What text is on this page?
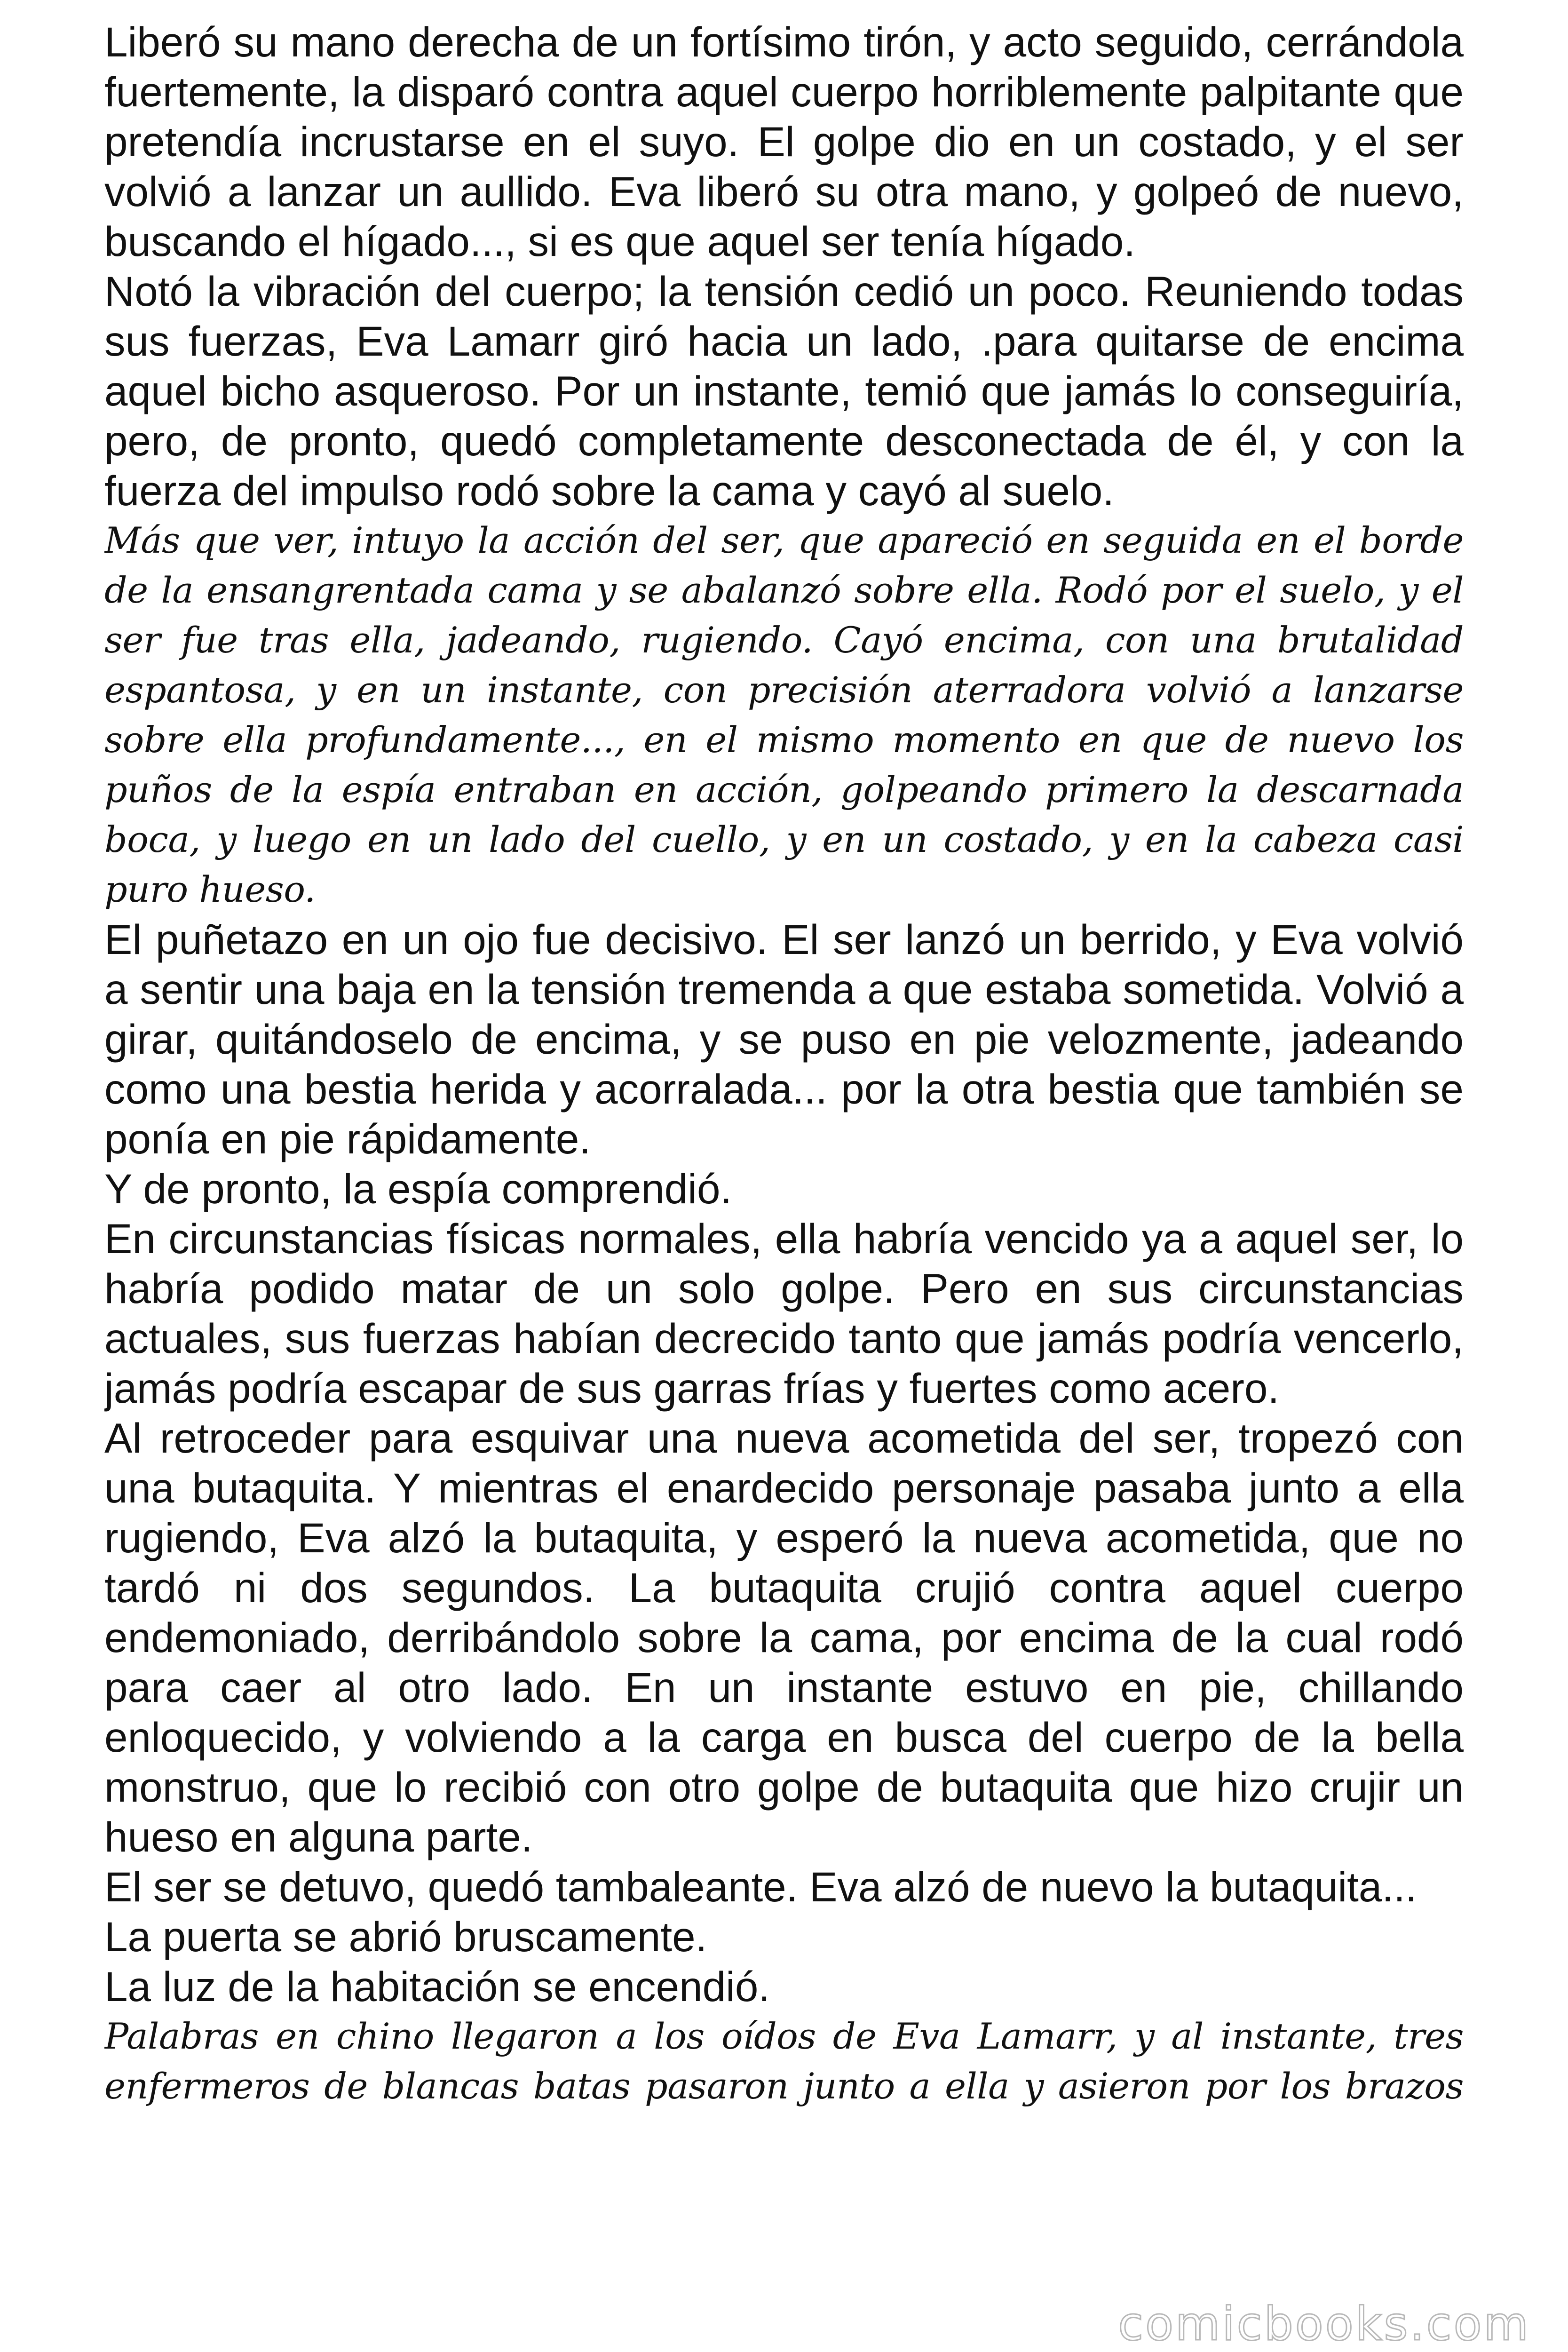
Liberó su mano derecha de un fortísimo tirón, y acto seguido, cerrándola fuertemente, la disparó contra aquel cuerpo horriblemente palpitante que pretendía incrustarse en el suyo. El golpe dio en un costado, y el ser volvió a lanzar un aullido. Eva liberó su otra mano, y golpeó de nuevo, buscando el hígado..., si es que aquel ser tenía hígado.

Notó la vibración del cuerpo; la tensión cedió un poco. Reuniendo todas sus fuerzas, Eva Lamarr giró hacia un lado, .para quitarse de encima aquel bicho asqueroso. Por un instante, temió que jamás lo conseguiría, pero, de pronto, quedó completamente desconectada de él, y con la fuerza del impulso rodó sobre la cama y cayó al suelo.

Más que ver, intuyo la acción del ser, que apareció en seguida en el borde de la ensangrentada cama y se abalanzó sobre ella. Rodó por el suelo, y el ser fue tras ella, jadeando, rugiendo. Cayó encima, con una brutalidad espantosa, y en un instante, con precisión aterradora volvió a lanzarse sobre ella profundamente..., en el mismo momento en que de nuevo los puños de la espía entraban en acción, golpeando primero la descarnada boca, y luego en un lado del cuello, y en un costado, y en la cabeza casi puro hueso.

El puñetazo en un ojo fue decisivo. El ser lanzó un berrido, y Eva volvió a sentir una baja en la tensión tremenda a que estaba sometida. Volvió a girar, quitándoselo de encima, y se puso en pie velozmente, jadeando como una bestia herida y acorralada... por la otra bestia que también se ponía en pie rápidamente.

Y de pronto, la espía comprendió.

En circunstancias físicas normales, ella habría vencido ya a aquel ser, lo habría podido matar de un solo golpe. Pero en sus circunstancias actuales, sus fuerzas habían decrecido tanto que jamás podría vencerlo, jamás podría escapar de sus garras frías y fuertes como acero.

Al retroceder para esquivar una nueva acometida del ser, tropezó con una butaquita. Y mientras el enardecido personaje pasaba junto a ella rugiendo, Eva alzó la butaquita, y esperó la nueva acometida, que no tardó ni dos segundos. La butaquita crujió contra aquel cuerpo endemoniado, derribándolo sobre la cama, por encima de la cual rodó para caer al otro lado. En un instante estuvo en pie, chillando enloquecido, y volviendo a la carga en busca del cuerpo de la bella monstruo, que lo recibió con otro golpe de butaquita que hizo crujir un hueso en alguna parte.

El ser se detuvo, quedó tambaleante. Eva alzó de nuevo la butaquita...

La puerta se abrió bruscamente.

La luz de la habitación se encendió.

Palabras en chino llegaron a los oídos de Eva Lamarr, y al instante, tres enfermeros de blancas batas pasaron junto a ella y asieron por los brazos

comicbooks.com
